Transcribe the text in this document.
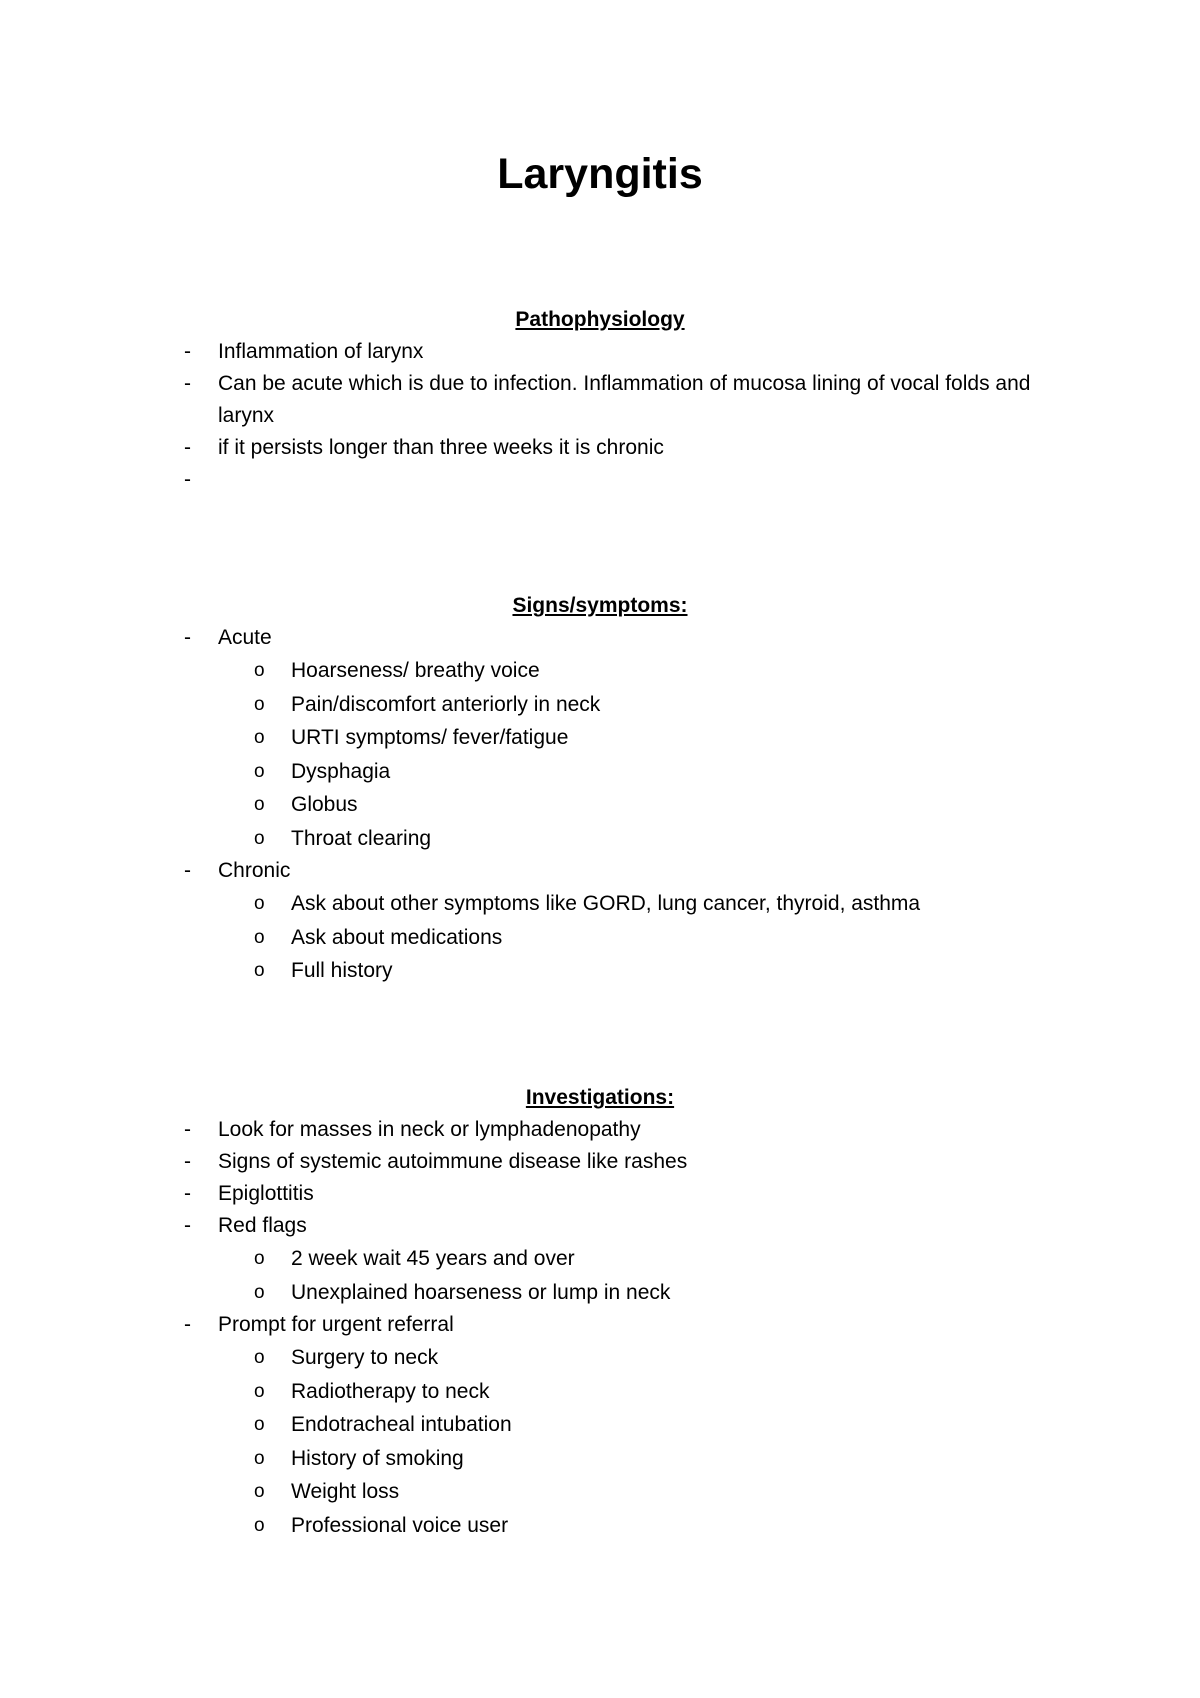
Laryngitis
Pathophysiology
- Inflammation of larynx
- Can be acute which is due to infection. Inflammation of mucosa lining of vocal folds and larynx
- if it persists longer than three weeks it is chronic
-
Signs/symptoms:
- Acute
o Hoarseness/ breathy voice
o Pain/discomfort anteriorly in neck
o URTI symptoms/ fever/fatigue
o Dysphagia
o Globus
o Throat clearing
- Chronic
o Ask about other symptoms like GORD, lung cancer, thyroid, asthma
o Ask about medications
o Full history
Investigations:
- Look for masses in neck or lymphadenopathy
- Signs of systemic autoimmune disease like rashes
- Epiglottitis
- Red flags
o 2 week wait 45 years and over
o Unexplained hoarseness or lump in neck
- Prompt for urgent referral
o Surgery to neck
o Radiotherapy to neck
o Endotracheal intubation
o History of smoking
o Weight loss
o Professional voice user
